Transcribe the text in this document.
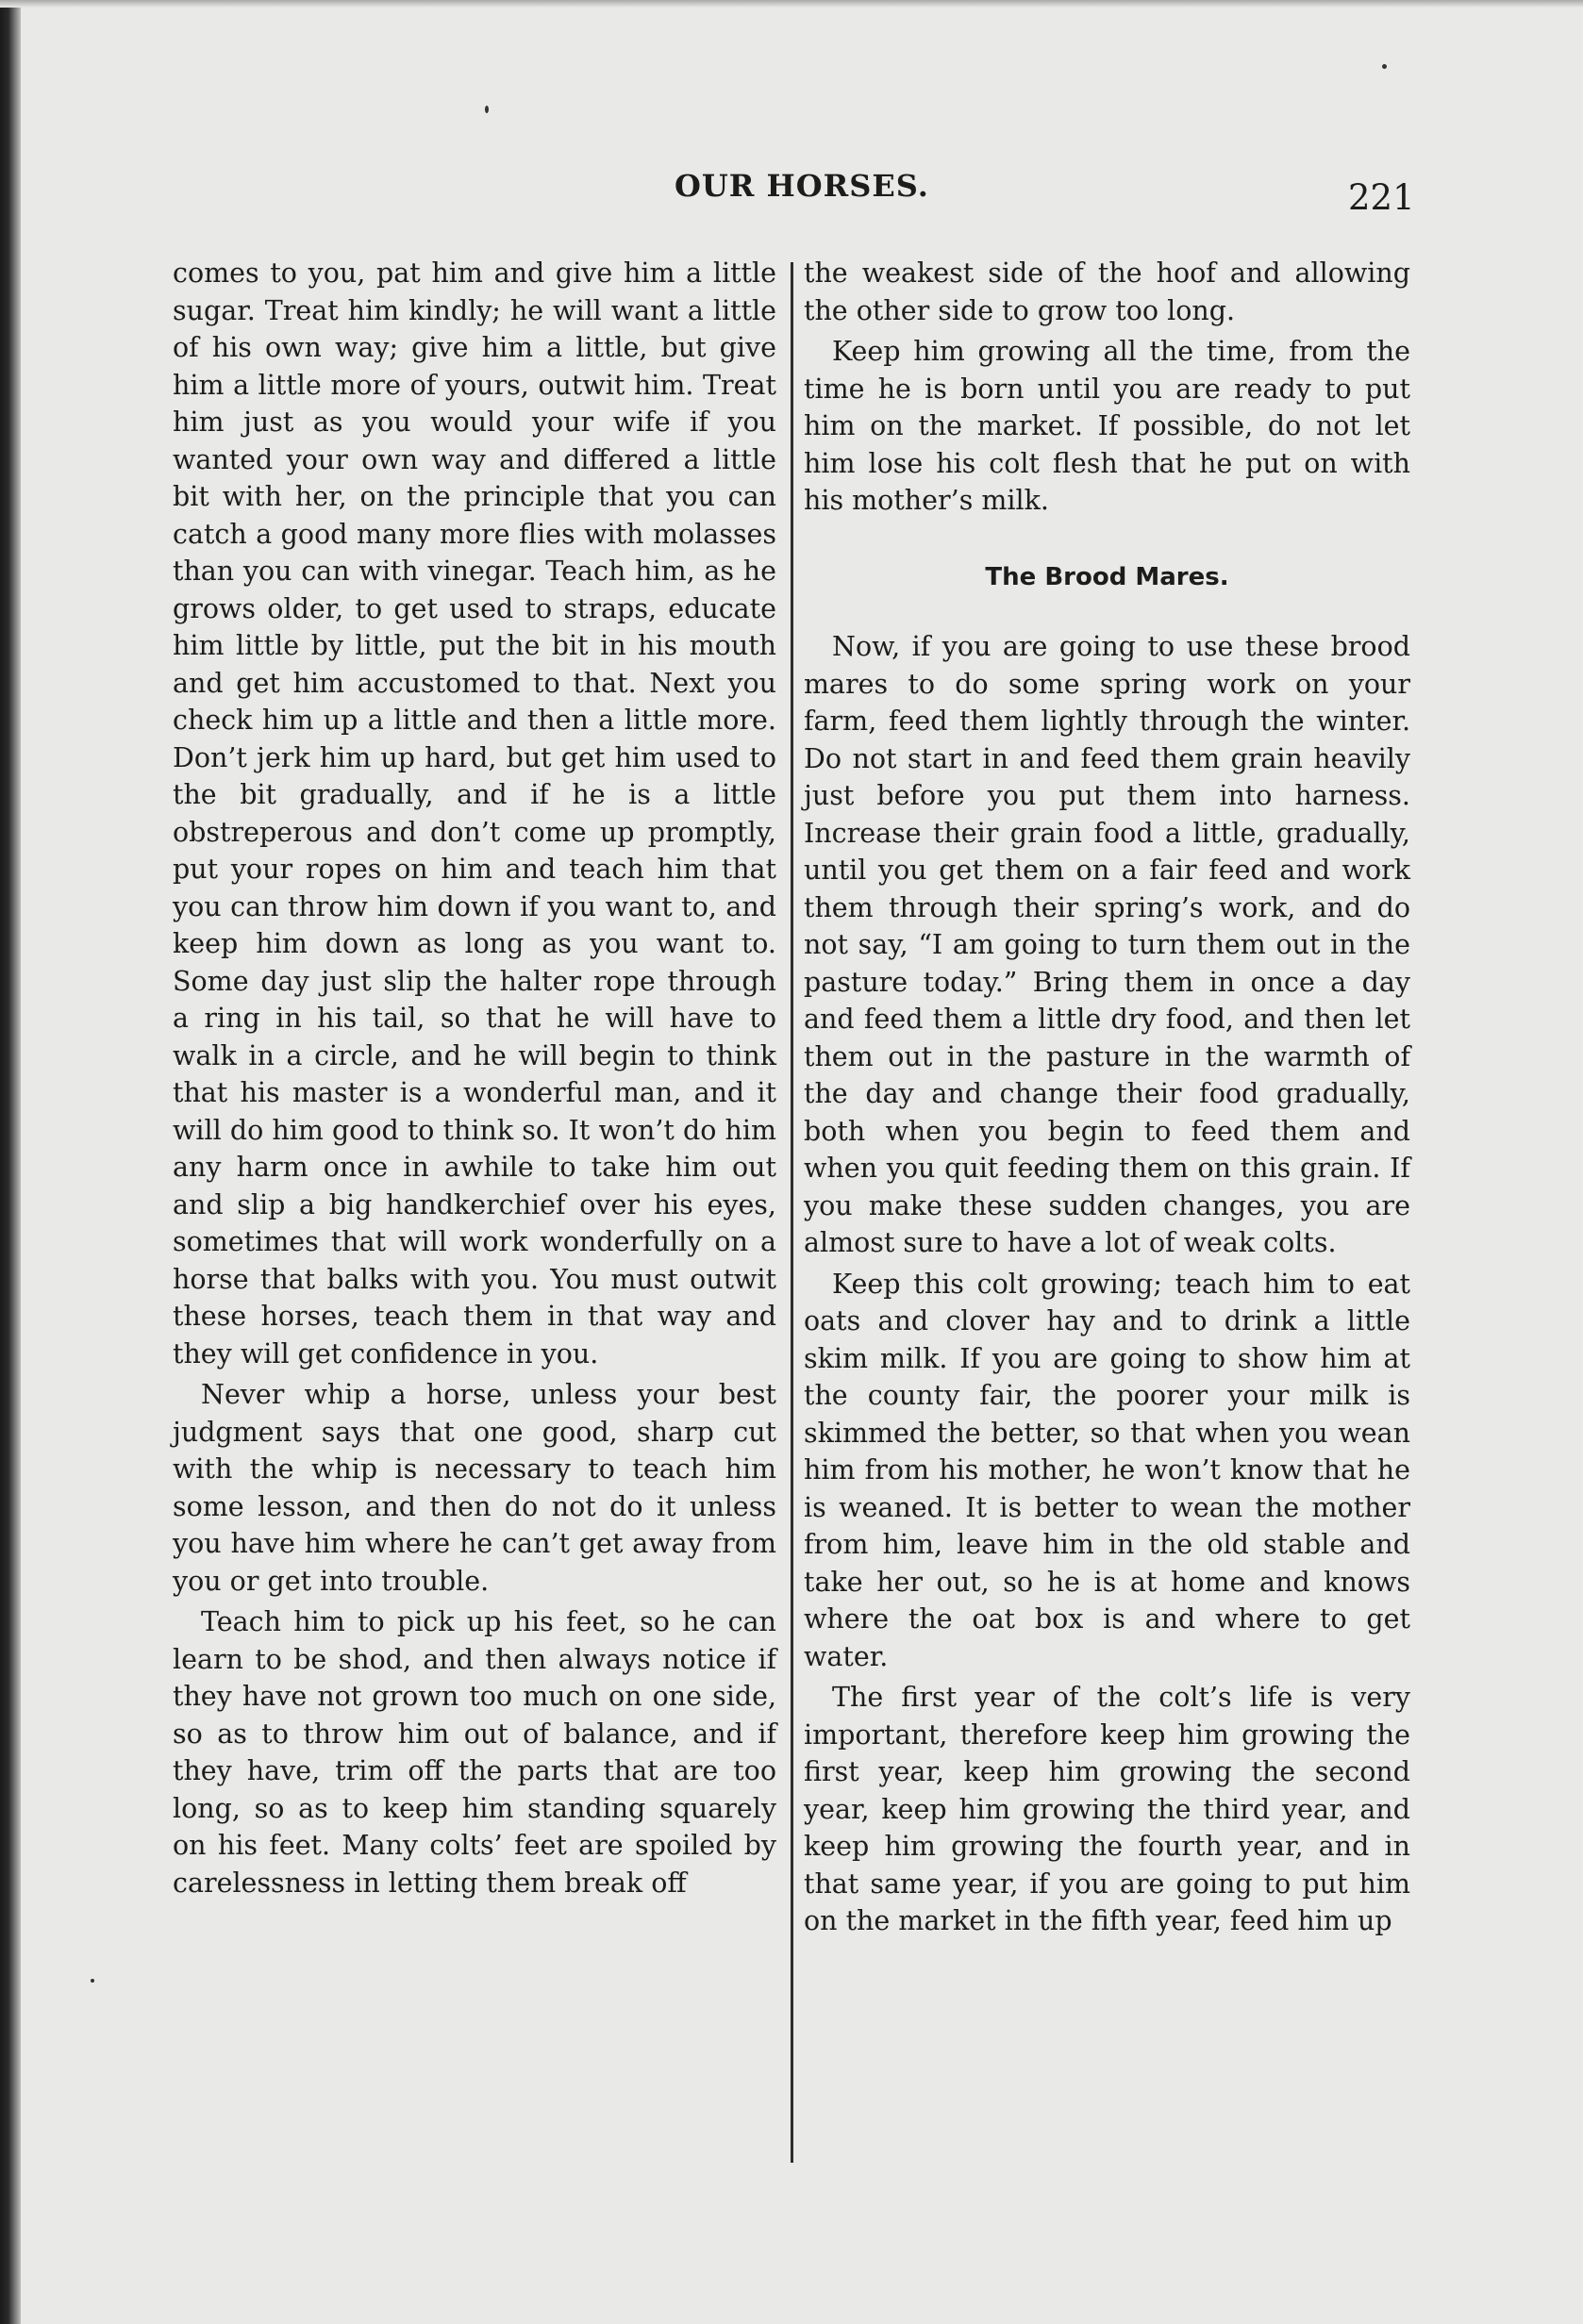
OUR HORSES.	221

comes to you, pat him and give him a little sugar. Treat him kindly; he will want a little of his own way; give him a little, but give him a little more of yours, outwit him. Treat him just as you would your wife if you wanted your own way and differed a little bit with her, on the principle that you can catch a good many more flies with molasses than you can with vinegar. Teach him, as he grows older, to get used to straps, educate him little by little, put the bit in his mouth and get him accustomed to that. Next you check him up a little and then a little more. Don’t jerk him up hard, but get him used to the bit gradually, and if he is a little obstreperous and don’t come up promptly, put your ropes on him and teach him that you can throw him down if you want to, and keep him down as long as you want to. Some day just slip the halter rope through a ring in his tail, so that he will have to walk in a circle, and he will begin to think that his master is a wonderful man, and it will do him good to think so. It won’t do him any harm once in awhile to take him out and slip a big handkerchief over his eyes, sometimes that will work wonderfully on a horse that balks with you. You must outwit these horses, teach them in that way and they will get confidence in you.

Never whip a horse, unless your best judgment says that one good, sharp cut with the whip is necessary to teach him some lesson, and then do not do it unless you have him where he can’t get away from you or get into trouble.

Teach him to pick up his feet, so he can learn to be shod, and then always notice if they have not grown too much on one side, so as to throw him out of balance, and if they have, trim off the parts that are too long, so as to keep him standing squarely on his feet. Many colts’ feet are spoiled by carelessness in letting them break off

the weakest side of the hoof and allowing the other side to grow too long.

Keep him growing all the time, from the time he is born until you are ready to put him on the market. If possible, do not let him lose his colt flesh that he put on with his mother’s milk.

The Brood Mares.

Now, if you are going to use these brood mares to do some spring work on your farm, feed them lightly through the winter. Do not start in and feed them grain heavily just before you put them into harness. Increase their grain food a little, gradually, until you get them on a fair feed and work them through their spring’s work, and do not say, “I am going to turn them out in the pasture today.” Bring them in once a day and feed them a little dry food, and then let them out in the pasture in the warmth of the day and change their food gradually, both when you begin to feed them and when you quit feeding them on this grain. If you make these sudden changes, you are almost sure to have a lot of weak colts.

Keep this colt growing; teach him to eat oats and clover hay and to drink a little skim milk. If you are going to show him at the county fair, the poorer your milk is skimmed the better, so that when you wean him from his mother, he won’t know that he is weaned. It is better to wean the mother from him, leave him in the old stable and take her out, so he is at home and knows where the oat box is and where to get water.

The first year of the colt’s life is very important, therefore keep him growing the first year, keep him growing the second year, keep him growing the third year, and keep him growing the fourth year, and in that same year, if you are going to put him on the market in the fifth year, feed him up
